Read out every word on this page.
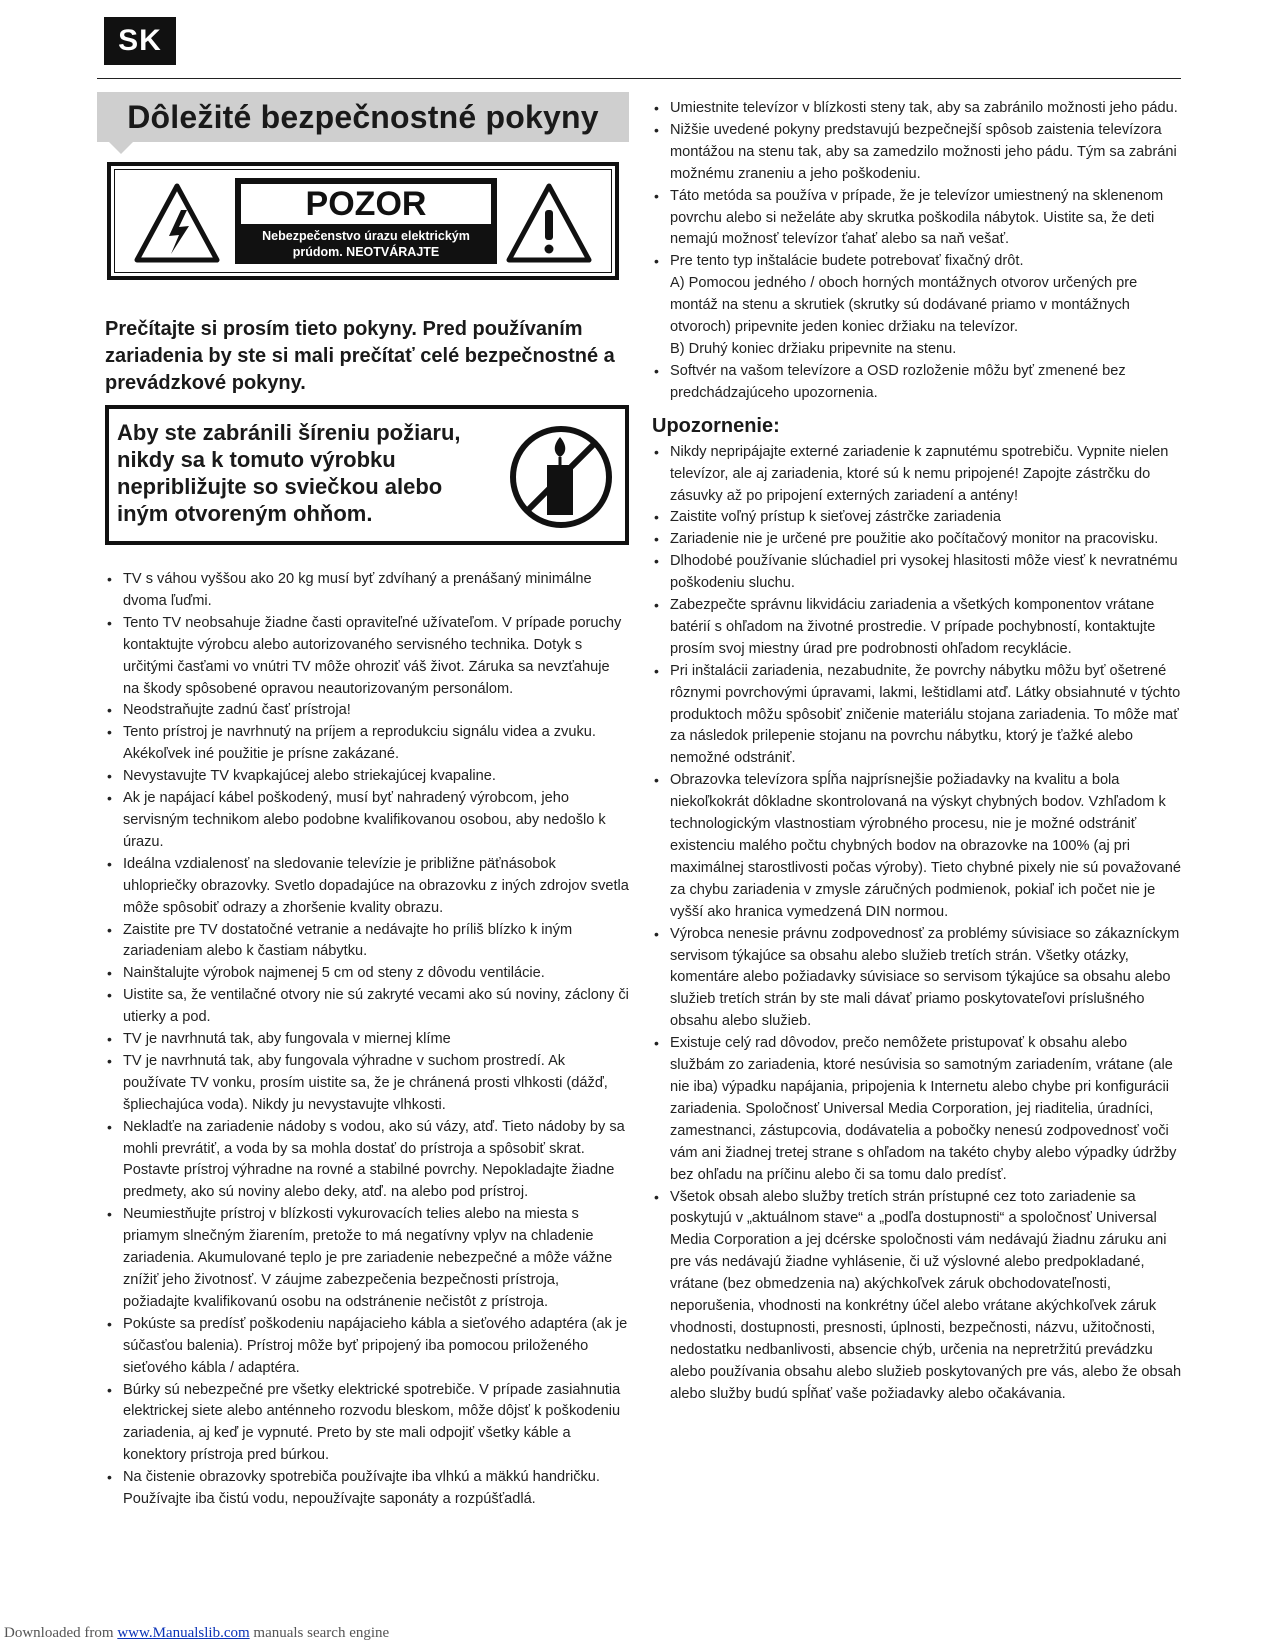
SK
Dôležité bezpečnostné pokyny
POZOR
Nebezpečenstvo úrazu elektrickým
prúdom. NEOTVÁRAJTE
Prečítajte si prosím tieto pokyny. Pred používaním zariadenia by ste si mali prečítať celé bezpečnostné a prevádzkové pokyny.
Aby ste zabránili šíreniu požiaru, nikdy sa k tomuto výrobku nepribližujte so sviečkou alebo iným otvoreným ohňom.
• TV s váhou vyššou ako 20 kg musí byť zdvíhaný a prenášaný minimálne dvoma ľuďmi.
• Tento TV neobsahuje žiadne časti opraviteľné užívateľom. V prípade poruchy kontaktujte výrobcu alebo autorizovaného servisného technika. Dotyk s určitými časťami vo vnútri TV môže ohroziť váš život. Záruka sa nevzťahuje na škody spôsobené opravou neautorizovaným personálom.
• Neodstraňujte zadnú časť prístroja!
• Tento prístroj je navrhnutý na príjem a reprodukciu signálu videa a zvuku. Akékoľvek iné použitie je prísne zakázané.
• Nevystavujte TV kvapkajúcej alebo striekajúcej kvapaline.
• Ak je napájací kábel poškodený, musí byť nahradený výrobcom, jeho servisným technikom alebo podobne kvalifikovanou osobou, aby nedošlo k úrazu.
• Ideálna vzdialenosť na sledovanie televízie je približne päťnásobok uhlopriečky obrazovky. Svetlo dopadajúce na obrazovku z iných zdrojov svetla môže spôsobiť odrazy a zhoršenie kvality obrazu.
• Zaistite pre TV dostatočné vetranie a nedávajte ho príliš blízko k iným zariadeniam alebo k častiam nábytku.
• Nainštalujte výrobok najmenej 5 cm od steny z dôvodu ventilácie.
• Uistite sa, že ventilačné otvory nie sú zakryté vecami ako sú noviny, záclony či utierky a pod.
• TV je navrhnutá tak, aby fungovala v miernej klíme
• TV je navrhnutá tak, aby fungovala výhradne v suchom prostredí. Ak používate TV vonku, prosím uistite sa, že je chránená prosti vlhkosti (dážď, špliechajúca voda). Nikdy ju nevystavujte vlhkosti.
• Nekladťe na zariadenie nádoby s vodou, ako sú vázy, atď. Tieto nádoby by sa mohli prevrátiť, a voda by sa mohla dostať do prístroja a spôsobiť skrat. Postavte prístroj výhradne na rovné a stabilné povrchy. Nepokladajte žiadne predmety, ako sú noviny alebo deky, atď. na alebo pod prístroj.
• Neumiestňujte prístroj v blízkosti vykurovacích telies alebo na miesta s priamym slnečným žiarením, pretože to má negatívny vplyv na chladenie zariadenia. Akumulované teplo je pre zariadenie nebezpečné a môže vážne znížiť jeho životnosť. V záujme zabezpečenia bezpečnosti prístroja, požiadajte kvalifikovanú osobu na odstránenie nečistôt z prístroja.
• Pokúste sa predísť poškodeniu napájacieho kábla a sieťového adaptéra (ak je súčasťou balenia). Prístroj môže byť pripojený iba pomocou priloženého sieťového kábla / adaptéra.
• Búrky sú nebezpečné pre všetky elektrické spotrebiče. V prípade zasiahnutia elektrickej siete alebo anténneho rozvodu bleskom, môže dôjsť k poškodeniu zariadenia, aj keď je vypnuté. Preto by ste mali odpojiť všetky káble a konektory prístroja pred búrkou.
• Na čistenie obrazovky spotrebiča používajte iba vlhkú a mäkkú handričku. Používajte iba čistú vodu, nepoužívajte saponáty a rozpúšťadlá.
• Umiestnite televízor v blízkosti steny tak, aby sa zabránilo možnosti jeho pádu.
• Nižšie uvedené pokyny predstavujú bezpečnejší spôsob zaistenia televízora montážou na stenu tak, aby sa zamedzilo možnosti jeho pádu. Tým sa zabráni možnému zraneniu a jeho poškodeniu.
• Táto metóda sa používa v prípade, že je televízor umiestnený na sklenenom povrchu alebo si neželáte aby skrutka poškodila nábytok. Uistite sa, že deti nemajú možnosť televízor ťahať alebo sa naň vešať.
• Pre tento typ inštalácie budete potrebovať fixačný drôt.
A) Pomocou jedného / oboch horných montážnych otvorov určených pre montáž na stenu a skrutiek (skrutky sú dodávané priamo v montážnych otvoroch) pripevnite jeden koniec držiaku na televízor.
B) Druhý koniec držiaku pripevnite na stenu.
• Softvér na vašom televízore a OSD rozloženie môžu byť zmenené bez predchádzajúceho upozornenia.
Upozornenie:
• Nikdy nepripájajte externé zariadenie k zapnutému spotrebiču. Vypnite nielen televízor, ale aj zariadenia, ktoré sú k nemu pripojené! Zapojte zástrčku do zásuvky až po pripojení externých zariadení a antény!
• Zaistite voľný prístup k sieťovej zástrčke zariadenia
• Zariadenie nie je určené pre použitie ako počítačový monitor na pracovisku.
• Dlhodobé používanie slúchadiel pri vysokej hlasitosti môže viesť k nevratnému poškodeniu sluchu.
• Zabezpečte správnu likvidáciu zariadenia a všetkých komponentov vrátane batérií s ohľadom na životné prostredie. V prípade pochybností, kontaktujte prosím svoj miestny úrad pre podrobnosti ohľadom recyklácie.
• Pri inštalácii zariadenia, nezabudnite, že povrchy nábytku môžu byť ošetrené rôznymi povrchovými úpravami, lakmi, leštidlami atď. Látky obsiahnuté v týchto produktoch môžu spôsobiť zničenie materiálu stojana zariadenia. To môže mať za následok prilepenie stojanu na povrchu nábytku, ktorý je ťažké alebo nemožné odstrániť.
• Obrazovka televízora spĺňa najprísnejšie požiadavky na kvalitu a bola niekoľkokrát dôkladne skontrolovaná na výskyt chybných bodov. Vzhľadom k technologickým vlastnostiam výrobného procesu, nie je možné odstrániť existenciu malého počtu chybných bodov na obrazovke na 100% (aj pri maximálnej starostlivosti počas výroby). Tieto chybné pixely nie sú považované za chybu zariadenia v zmysle záručných podmienok, pokiaľ ich počet nie je vyšší ako hranica vymedzená DIN normou.
• Výrobca nenesie právnu zodpovednosť za problémy súvisiace so zákazníckym servisom týkajúce sa obsahu alebo služieb tretích strán. Všetky otázky, komentáre alebo požiadavky súvisiace so servisom týkajúce sa obsahu alebo služieb tretích strán by ste mali dávať priamo poskytovateľovi príslušného obsahu alebo služieb.
• Existuje celý rad dôvodov, prečo nemôžete pristupovať k obsahu alebo službám zo zariadenia, ktoré nesúvisia so samotným zariadením, vrátane (ale nie iba) výpadku napájania, pripojenia k Internetu alebo chybe pri konfigurácii zariadenia. Spoločnosť Universal Media Corporation, jej riaditelia, úradníci, zamestnanci, zástupcovia, dodávatelia a pobočky nenesú zodpovednosť voči vám ani žiadnej tretej strane s ohľadom na takéto chyby alebo výpadky údržby bez ohľadu na príčinu alebo či sa tomu dalo predísť.
• Všetok obsah alebo služby tretích strán prístupné cez toto zariadenie sa poskytujú v „aktuálnom stave“ a „podľa dostupnosti“ a spoločnosť Universal Media Corporation a jej dcérske spoločnosti vám nedávajú žiadnu záruku ani pre vás nedávajú žiadne vyhlásenie, či už výslovné alebo predpokladané, vrátane (bez obmedzenia na) akýchkoľvek záruk obchodovateľnosti, neporušenia, vhodnosti na konkrétny účel alebo vrátane akýchkoľvek záruk vhodnosti, dostupnosti, presnosti, úplnosti, bezpečnosti, názvu, užitočnosti, nedostatku nedbanlivosti, absencie chýb, určenia na nepretržitú prevádzku alebo používania obsahu alebo služieb poskytovaných pre vás, alebo že obsah alebo služby budú spĺňať vaše požiadavky alebo očakávania.
Downloaded from www.Manualslib.com manuals search engine
